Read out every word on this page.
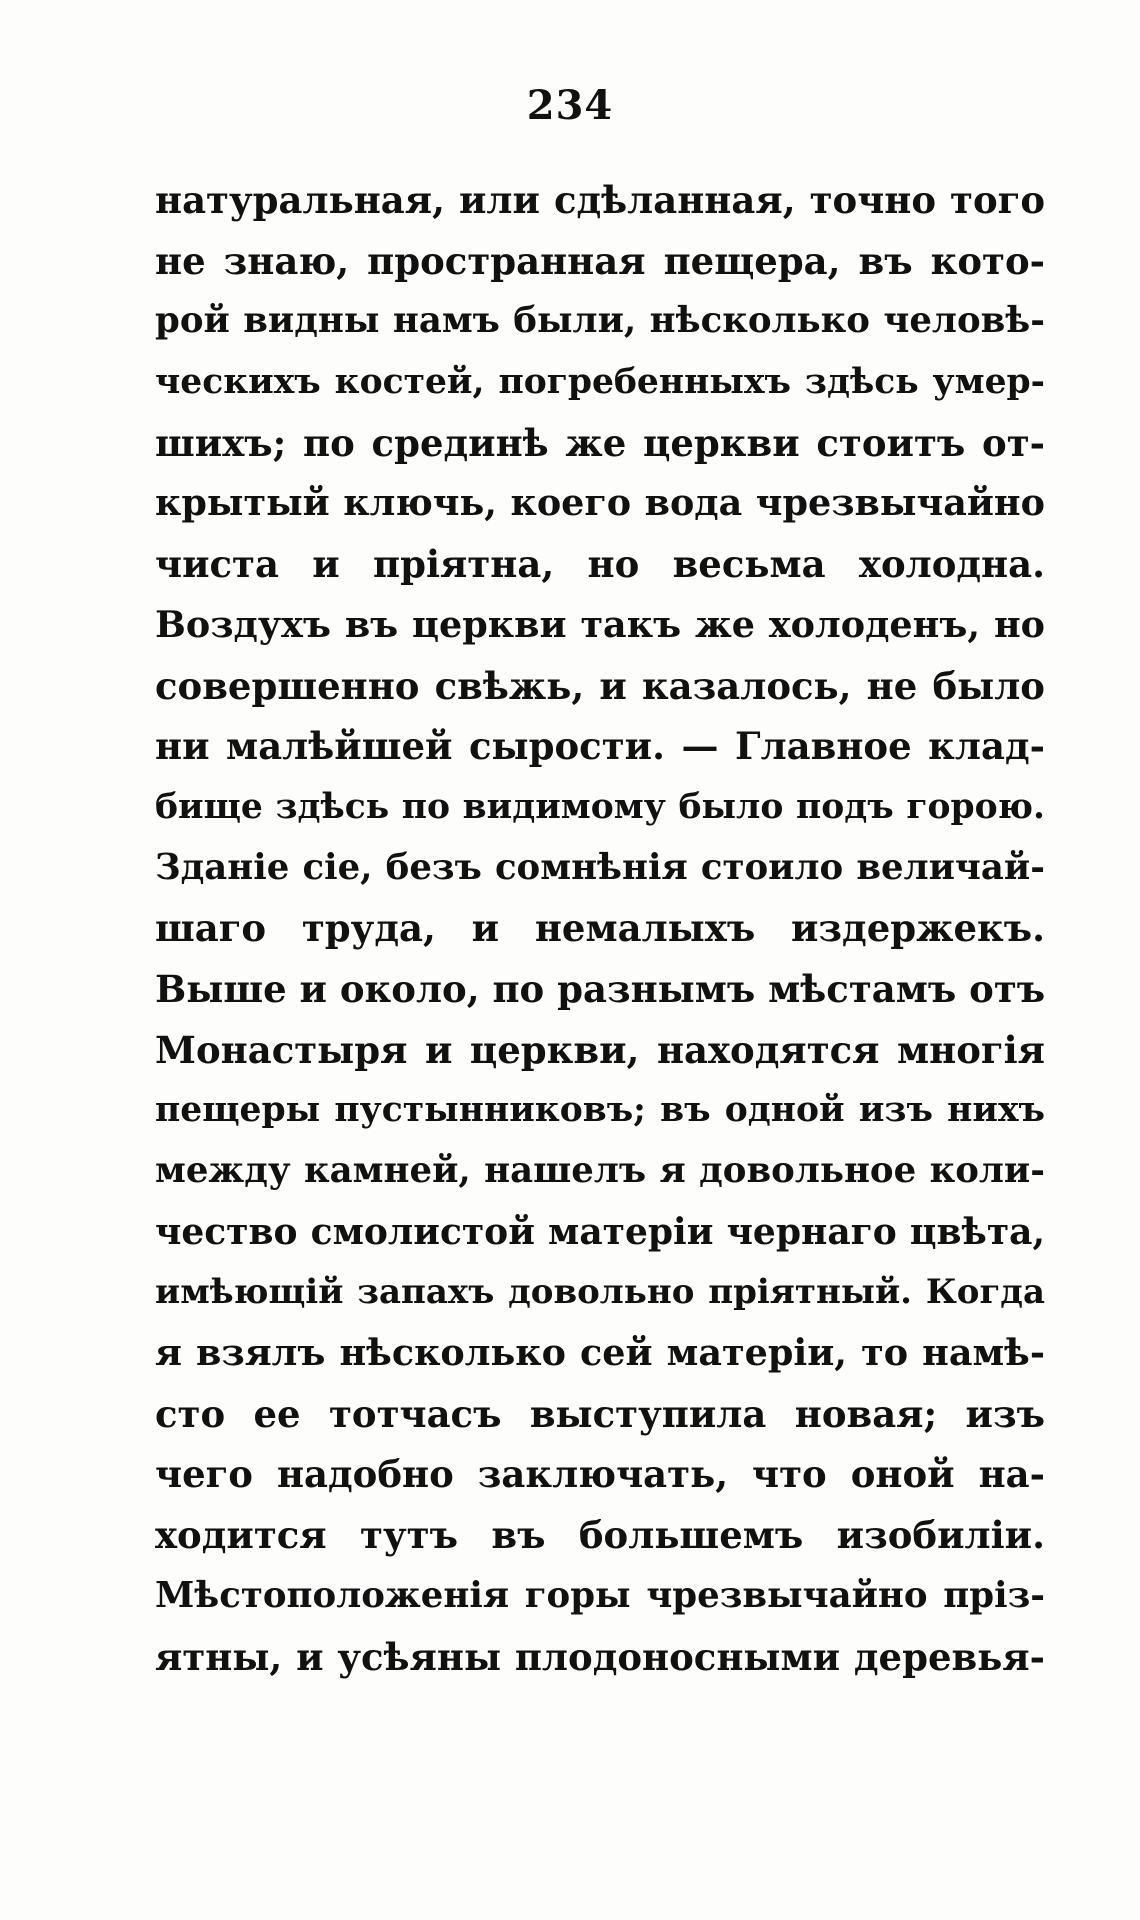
234
натуральная, или сдѣланная, точно того
не знаю, пространная пещера, въ кото-
рой видны намъ были, нѣсколько человѣ-
ческихъ костей, погребенныхъ здѣсь умер-
шихъ; по срединѣ же церкви стоитъ от-
крытый ключь, коего вода чрезвычайно
чиста и пріятна, но весьма холодна.
Воздухъ въ церкви такъ же холоденъ, но
совершенно свѣжь, и казалось, не было
ни малѣйшей сырости. — Главное клад-
бище здѣсь по видимому было подъ горою.
Зданіе сіе, безъ сомнѣнія стоило величай-
шаго труда, и немалыхъ издержекъ.
Выше и около, по разнымъ мѣстамъ отъ
Монастыря и церкви, находятся многія
пещеры пустынниковъ; въ одной изъ нихъ
между камней, нашелъ я довольное коли-
чество смолистой матеріи чернаго цвѣта,
имѣющій запахъ довольно пріятный. Когда
я взялъ нѣсколько сей матеріи, то намѣ-
сто ее тотчасъ выступила новая; изъ
чего надобно заключать, что оной на-
ходится тутъ въ большемъ изобиліи.
Мѣстоположенія горы чрезвычайно пріз-
ятны, и усѣяны плодоносными деревья-
